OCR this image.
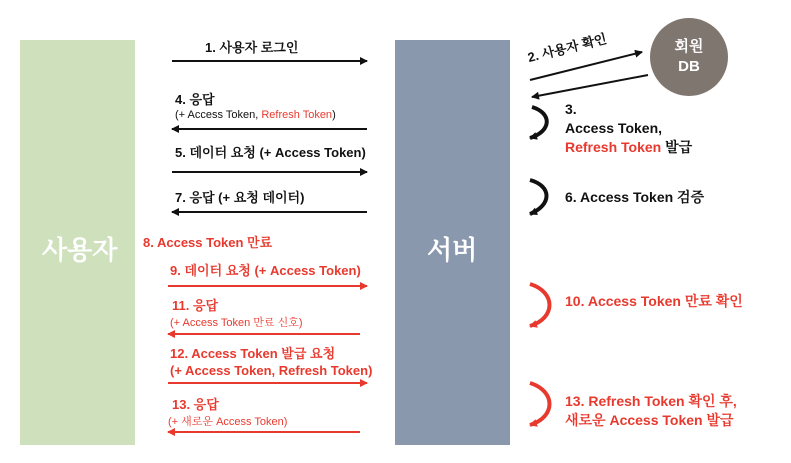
사용자	서버
회원
DB
1. 사용자 로그인	2. 사용자 확인
3.
Access Token,
Refresh Token 발급
4. 응답
(+ Access Token, Refresh Token)
5. 데이터 요청 (+ Access Token)
6. Access Token 검증
7. 응답 (+ 요청 데이터)
8. Access Token 만료
9. 데이터 요청 (+ Access Token)
10. Access Token 만료 확인
11. 응답
(+ Access Token 만료 신호)
12. Access Token 발급 요청
(+ Access Token, Refresh Token)
13. 응답
(+ 새로운 Access Token)
13. Refresh Token 확인 후,
새로운 Access Token 발급
